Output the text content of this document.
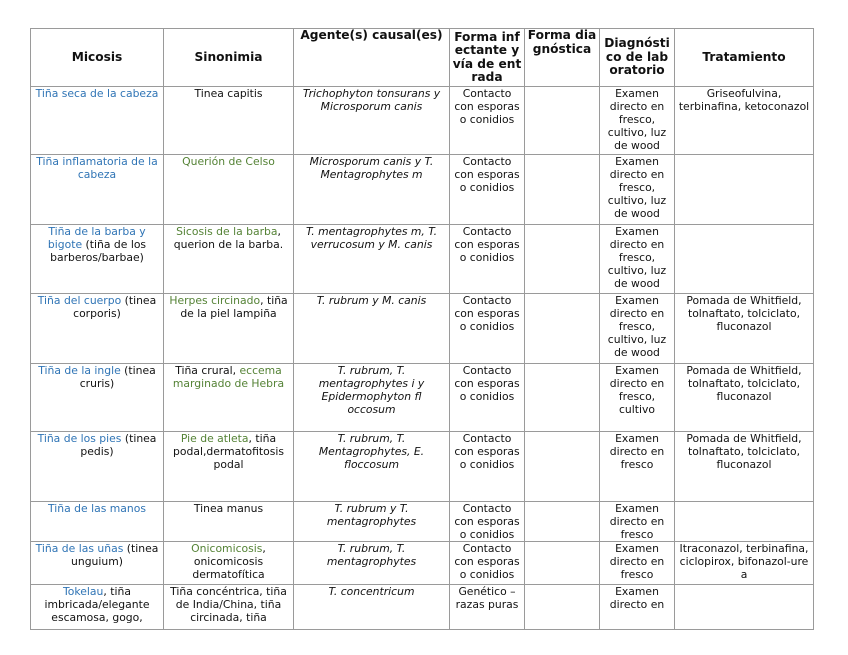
Micosis	Sinonimia	Agente(s) causal(es)	Forma infectante y vía de entrada	Forma diagnóstica	Diagnóstico de laboratorio	Tratamiento
Tiña seca de la cabeza	Tinea capitis	Trichophyton tonsurans y Microsporum canis	Contacto con esporas o conidios		Examen directo en fresco, cultivo, luz de wood	Griseofulvina, terbinafina, ketoconazol
Tiña inflamatoria de la cabeza	Querión de Celso	Microsporum canis y T. Mentagrophytes m	Contacto con esporas o conidios		Examen directo en fresco, cultivo, luz de wood	
Tiña de la barba y bigote (tiña de los barberos/barbae)	Sicosis de la barba, querion de la barba.	T. mentagrophytes m, T. verrucosum y M. canis	Contacto con esporas o conidios		Examen directo en fresco, cultivo, luz de wood	
Tiña del cuerpo (tinea corporis)	Herpes circinado, tiña de la piel lampiña	T. rubrum y M. canis	Contacto con esporas o conidios		Examen directo en fresco, cultivo, luz de wood	Pomada de Whitfield, tolnaftato, tolciclato, fluconazol
Tiña de la ingle (tinea cruris)	Tiña crural, eccema marginado de Hebra	T. rubrum, T. mentagrophytes i y Epidermophyton fl occosum	Contacto con esporas o conidios		Examen directo en fresco, cultivo	Pomada de Whitfield, tolnaftato, tolciclato, fluconazol
Tiña de los pies (tinea pedis)	Pie de atleta, tiña podal,dermatofitosis podal	T. rubrum, T. Mentagrophytes, E. floccosum	Contacto con esporas o conidios		Examen directo en fresco	Pomada de Whitfield, tolnaftato, tolciclato, fluconazol
Tiña de las manos	Tinea manus	T. rubrum y T. mentagrophytes	Contacto con esporas o conidios		Examen directo en fresco	
Tiña de las uñas (tinea unguium)	Onicomicosis, onicomicosis dermatofítica	T. rubrum, T. mentagrophytes	Contacto con esporas o conidios		Examen directo en fresco	Itraconazol, terbinafina,ciclopirox, bifonazol-urea
Tokelau, tiña imbricada/elegante escamosa, gogo,	Tiña concéntrica, tiña de India/China, tiña circinada, tiña	T. concentricum	Genético – razas puras		Examen directo en	
